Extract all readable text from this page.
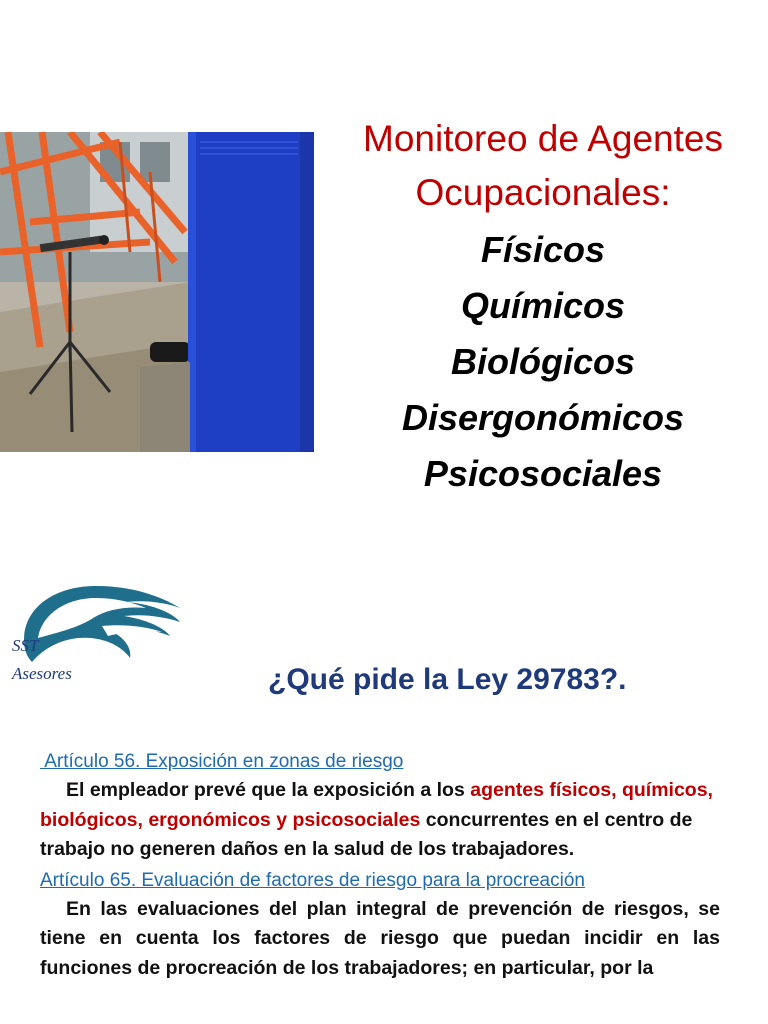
Monitoreo de Agentes
Ocupacionales:
Físicos
Químicos
Biológicos
Disergonómicos
Psicosociales
SST
Asesores	¿Qué pide la Ley 29783?.
Artículo 56. Exposición en zonas de riesgo
El empleador prevé que la exposición a los agentes físicos, químicos, biológicos, ergonómicos y psicosociales concurrentes en el centro de trabajo no generen daños en la salud de los trabajadores.
Artículo 65. Evaluación de factores de riesgo para la procreación
En las evaluaciones del plan integral de prevención de riesgos, se tiene en cuenta los factores de riesgo que puedan incidir en las funciones de procreación de los trabajadores; en particular, por la
